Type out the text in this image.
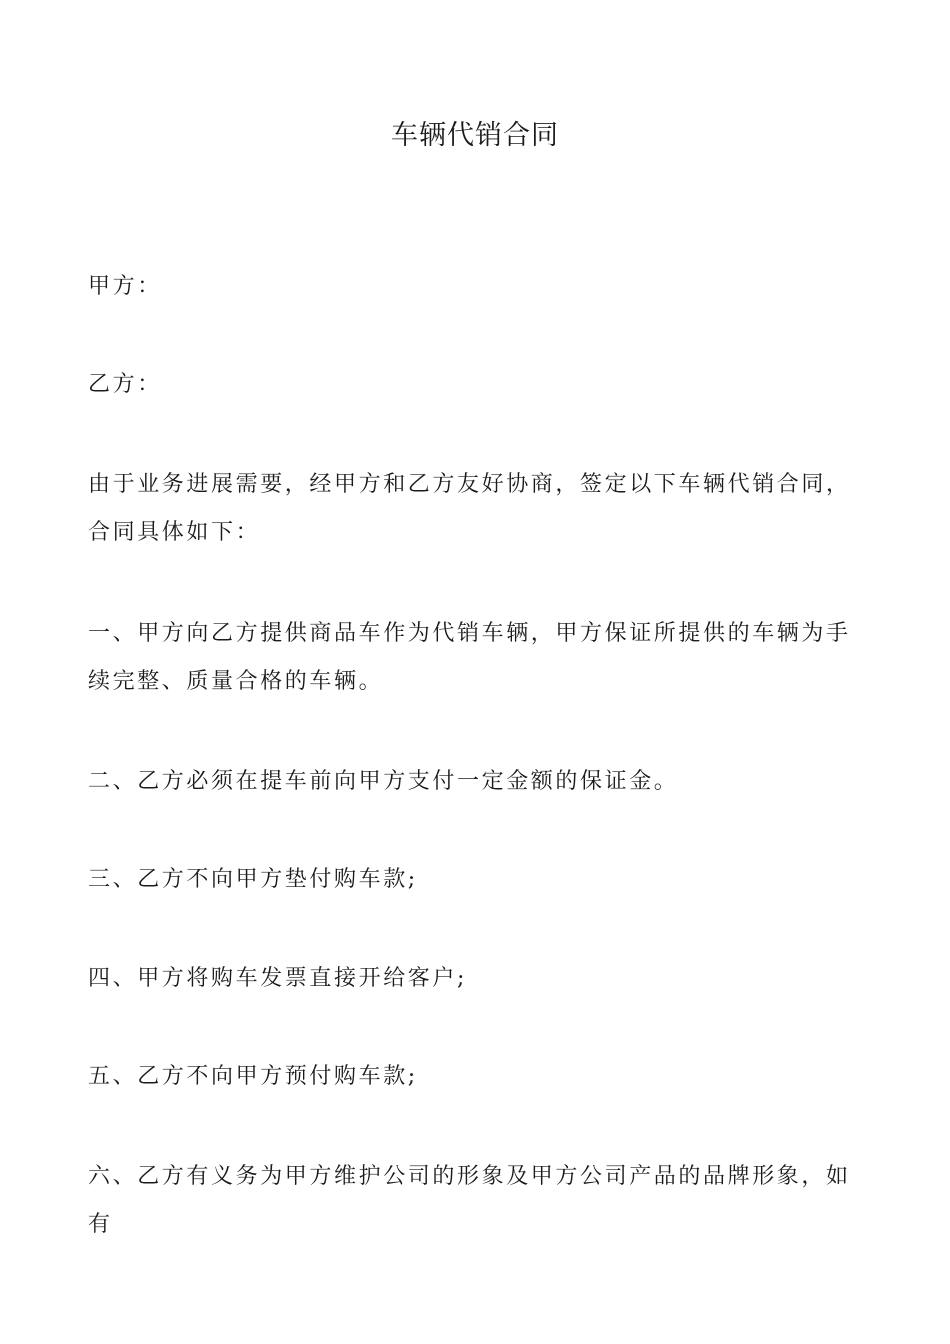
车辆代销合同

甲方：

乙方：

由于业务进展需要，经甲方和乙方友好协商，签定以下车辆代销合同，合同具体如下：

一、甲方向乙方提供商品车作为代销车辆，甲方保证所提供的车辆为手续完整、质量合格的车辆。

二、乙方必须在提车前向甲方支付一定金额的保证金。

三、乙方不向甲方垫付购车款;

四、甲方将购车发票直接开给客户;

五、乙方不向甲方预付购车款;

六、乙方有义务为甲方维护公司的形象及甲方公司产品的品牌形象，如有
